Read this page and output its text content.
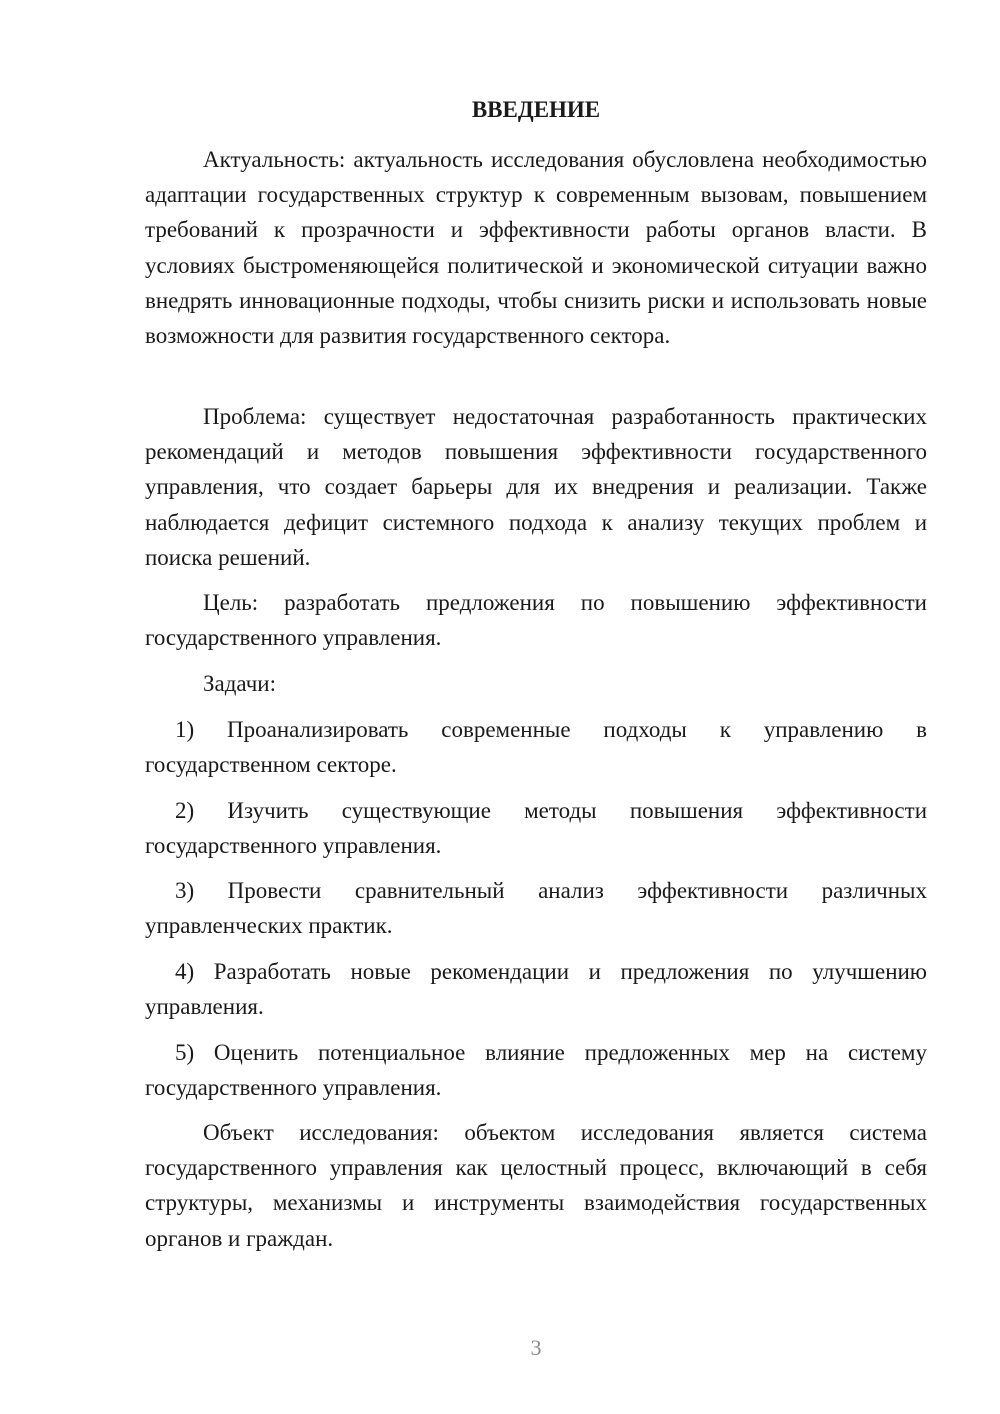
ВВЕДЕНИЕ

Актуальность: актуальность исследования обусловлена необходимостью адаптации государственных структур к современным вызовам, повышением требований к прозрачности и эффективности работы органов власти. В условиях быстроменяющейся политической и экономической ситуации важно внедрять инновационные подходы, чтобы снизить риски и использовать новые возможности для развития государственного сектора.

Проблема: существует недостаточная разработанность практических рекомендаций и методов повышения эффективности государственного управления, что создает барьеры для их внедрения и реализации. Также наблюдается дефицит системного подхода к анализу текущих проблем и поиска решений.

Цель: разработать предложения по повышению эффективности государственного управления.

Задачи:

1) Проанализировать современные подходы к управлению в государственном секторе.

2) Изучить существующие методы повышения эффективности государственного управления.

3) Провести сравнительный анализ эффективности различных управленческих практик.

4) Разработать новые рекомендации и предложения по улучшению управления.

5) Оценить потенциальное влияние предложенных мер на систему государственного управления.

Объект исследования: объектом исследования является система государственного управления как целостный процесс, включающий в себя структуры, механизмы и инструменты взаимодействия государственных органов и граждан.

3
